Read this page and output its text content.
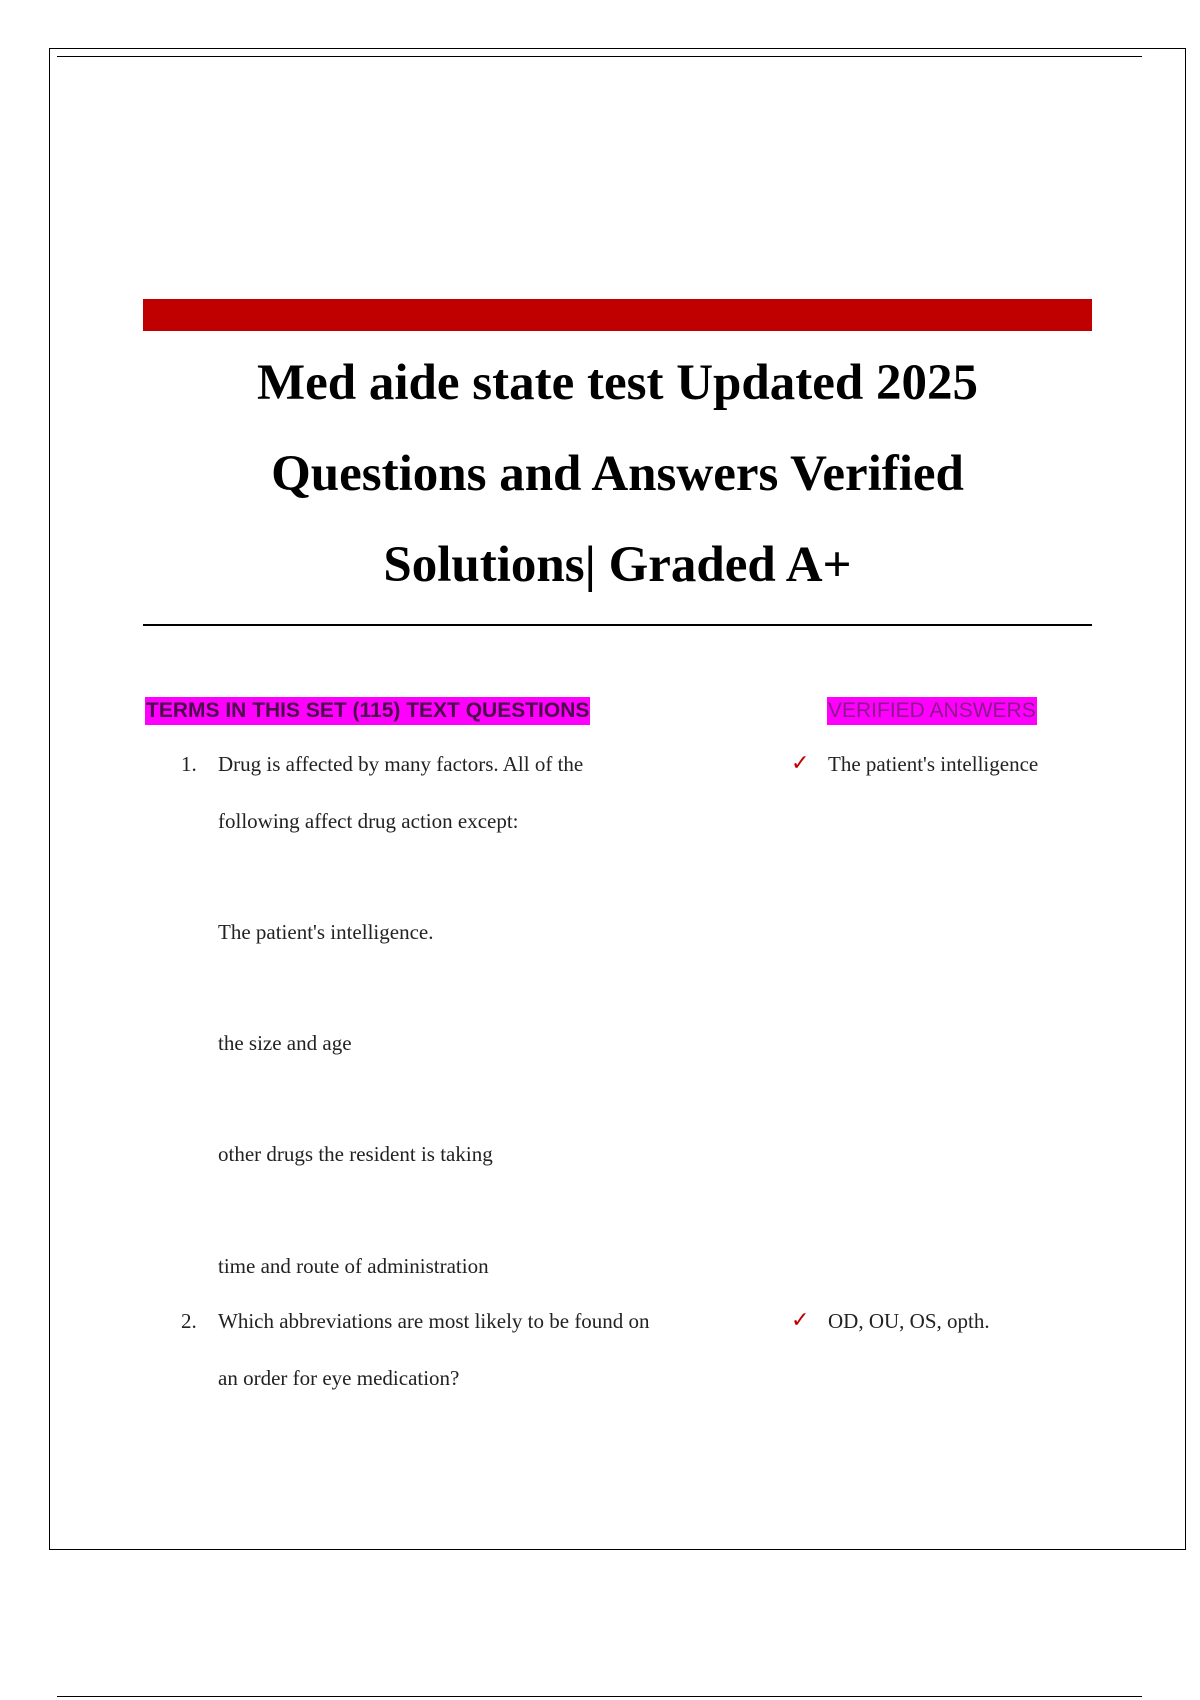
Med aide state test Updated 2025
Questions and Answers Verified
Solutions| Graded A+
TERMS IN THIS SET (115) TEXT QUESTIONS	VERIFIED ANSWERS
1. Drug is affected by many factors. All of the
following affect drug action except:
The patient's intelligence.
the size and age
other drugs the resident is taking
time and route of administration
✓ The patient's intelligence
2. Which abbreviations are most likely to be found on
an order for eye medication?
✓ OD, OU, OS, opth.
